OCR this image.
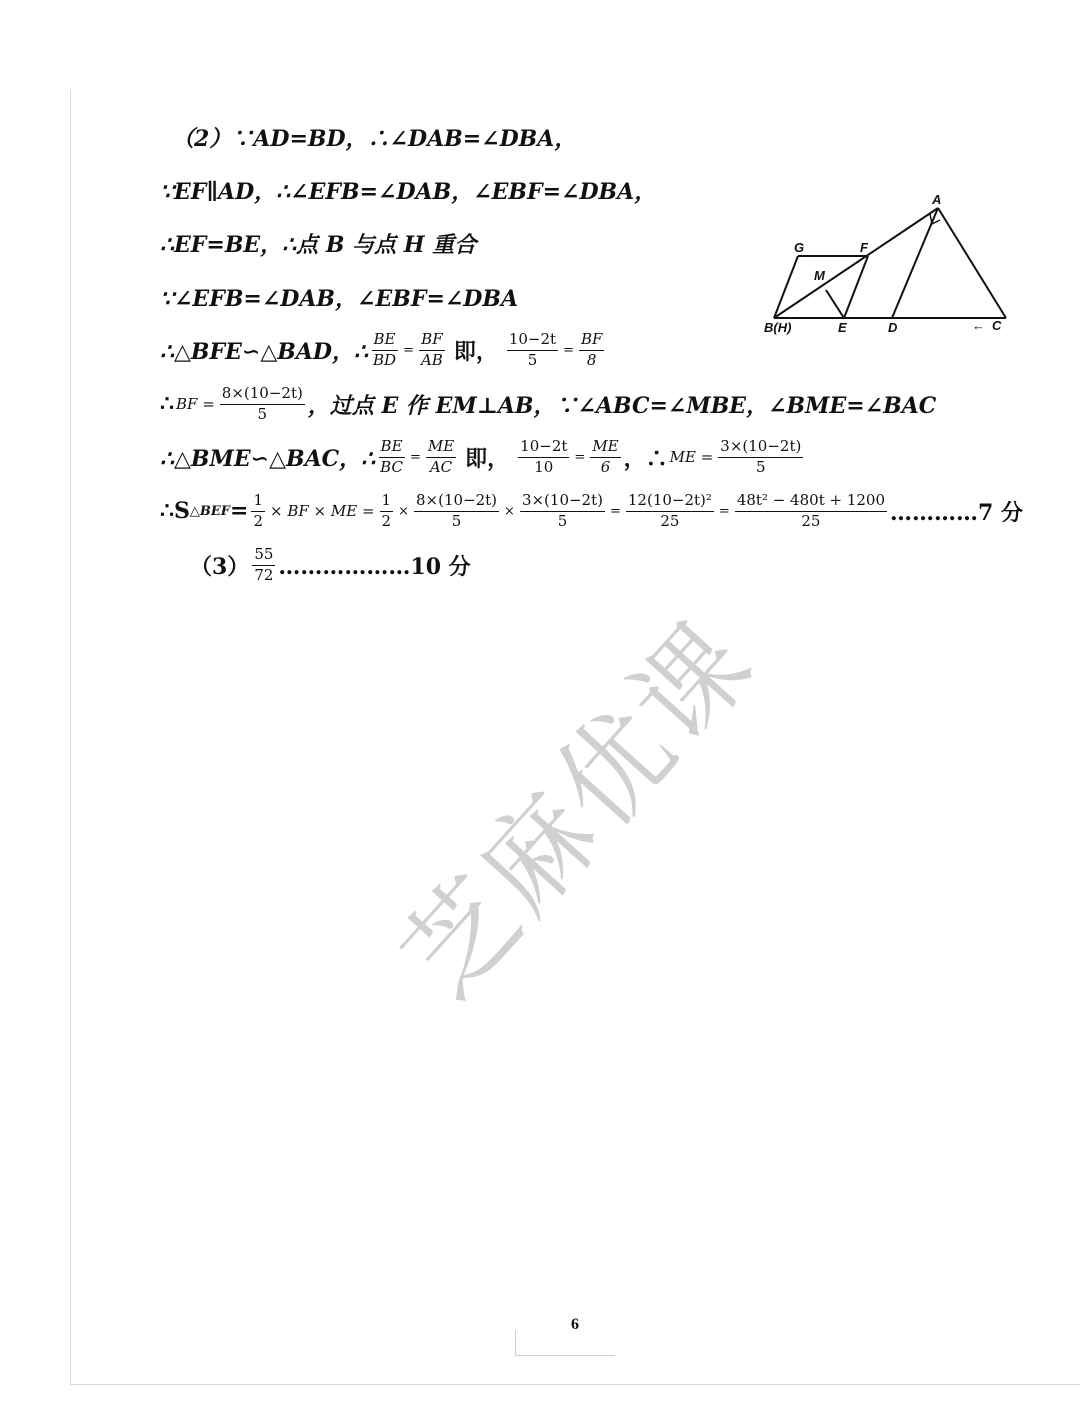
（2）∵AD=BD，∴∠DAB=∠DBA，
∵EF∥AD，∴∠EFB=∠DAB，∠EBF=∠DBA，
∴EF=BE，∴点 B 与点 H 重合
∵∠EFB=∠DAB，∠EBF=∠DBA
∴△BFE∽△BAD，∴ $\frac{BE}{BD} = \frac{BF}{AB}$ 即， $\frac{10-2t}{5} = \frac{BF}{8}$
∴ BF = $\frac{8\times(10-2t)}{5}$ ，过点 E 作 EM⊥AB，∵∠ABC=∠MBE，∠BME=∠BAC
∴△BME∽△BAC，∴ $\frac{BE}{BC} = \frac{ME}{AC}$ 即， $\frac{10-2t}{10} = \frac{ME}{6}$ ，∴ ME = $\frac{3\times(10-2t)}{5}$
∴S △BEF = $\frac{1}{2}$ × BF × ME = $\frac{1}{2} \times \frac{8\times(10-2t)}{5} \times \frac{3\times(10-2t)}{5} = \frac{\text{12(10−2t)²}}{25} = \frac{\text{48t² − 480t + 1200}}{25}$ …………7 分
$(3) \frac{55}{72}$ ………………10 分
A
G	F
M
B(H)	E	D	C
←
芝麻优课
6
